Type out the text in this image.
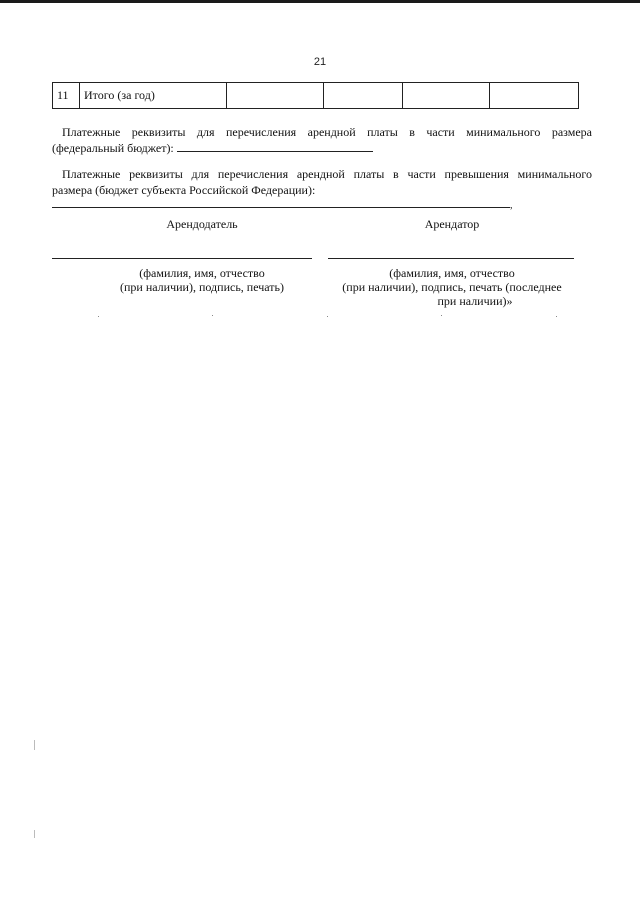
21
11	Итого (за год)				
Платежные реквизиты для перечисления арендной платы в части минимального размера
(федеральный бюджет):
Платежные реквизиты для перечисления арендной платы в части превышения минимального
размера (бюджет субъекта Российской Федерации):
,
Арендодатель	Арендатор
(фамилия, имя, отчество
(при наличии), подпись, печать)
(фамилия, имя, отчество
(при наличии), подпись, печать (последнее
при наличии)»
